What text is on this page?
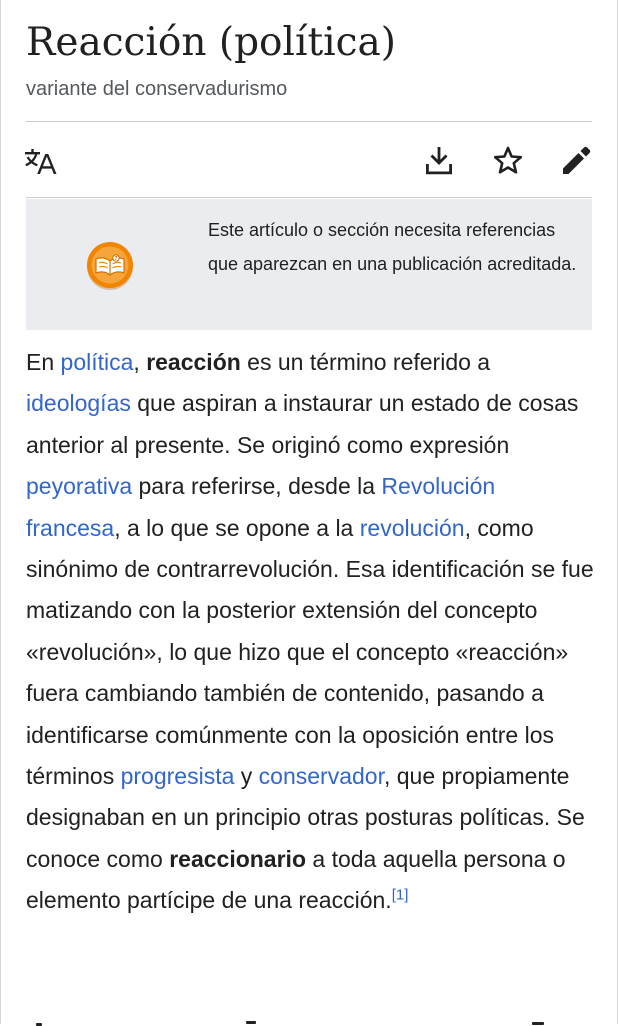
Reacción (política)
variante del conservadurismo
?
Este artículo o sección necesita referencias que aparezcan en una publicación acreditada.

En política, reacción es un término referido a ideologías que aspiran a instaurar un estado de cosas anterior al presente. Se originó como expresión peyorativa para referirse, desde la Revolución francesa, a lo que se opone a la revolución, como sinónimo de contrarrevolución. Esa identificación se fue matizando con la posterior extensión del concepto «revolución», lo que hizo que el concepto «reacción» fuera cambiando también de contenido, pasando a identificarse comúnmente con la oposición entre los términos progresista y conservador, que propiamente designaban en un principio otras posturas políticas. Se conoce como reaccionario a toda aquella persona o elemento partícipe de una reacción.[1]
